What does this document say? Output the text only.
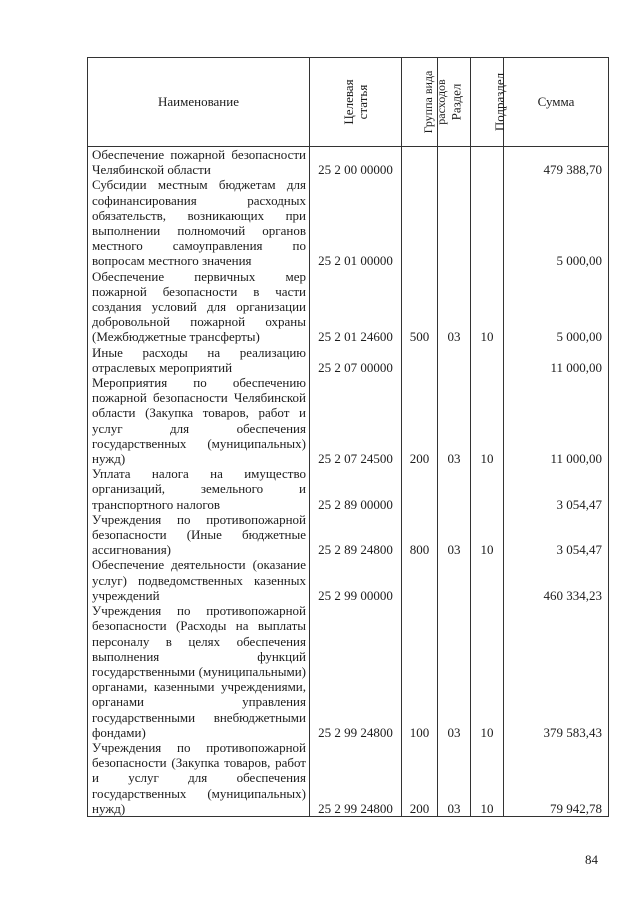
Наименование	Целевая статья	Группа вида расходов	Раздел	Подраздел	Сумма
Обеспечение пожарной безопасности Челябинской области	25 2 00 00000				479 388,70
Субсидии местным бюджетам для софинансирования расходных обязательств, возникающих при выполнении полномочий органов местного самоуправления по вопросам местного значения	25 2 01 00000				5 000,00
Обеспечение первичных мер пожарной безопасности в части создания условий для организации добровольной пожарной охраны (Межбюджетные трансферты)	25 2 01 24600	500	03	10	5 000,00
Иные расходы на реализацию отраслевых мероприятий	25 2 07 00000				11 000,00
Мероприятия по обеспечению пожарной безопасности Челябинской области (Закупка товаров, работ и услуг для обеспечения государственных (муниципальных) нужд)	25 2 07 24500	200	03	10	11 000,00
Уплата налога на имущество организаций, земельного и транспортного налогов	25 2 89 00000				3 054,47
Учреждения по противопожарной безопасности (Иные бюджетные ассигнования)	25 2 89 24800	800	03	10	3 054,47
Обеспечение деятельности (оказание услуг) подведомственных казенных учреждений	25 2 99 00000				460 334,23
Учреждения по противопожарной безопасности (Расходы на выплаты персоналу в целях обеспечения выполнения функций государственными (муниципальными) органами, казенными учреждениями, органами управления государственными внебюджетными фондами)	25 2 99 24800	100	03	10	379 583,43
Учреждения по противопожарной безопасности (Закупка товаров, работ и услуг для обеспечения государственных (муниципальных) нужд)	25 2 99 24800	200	03	10	79 942,78
84
